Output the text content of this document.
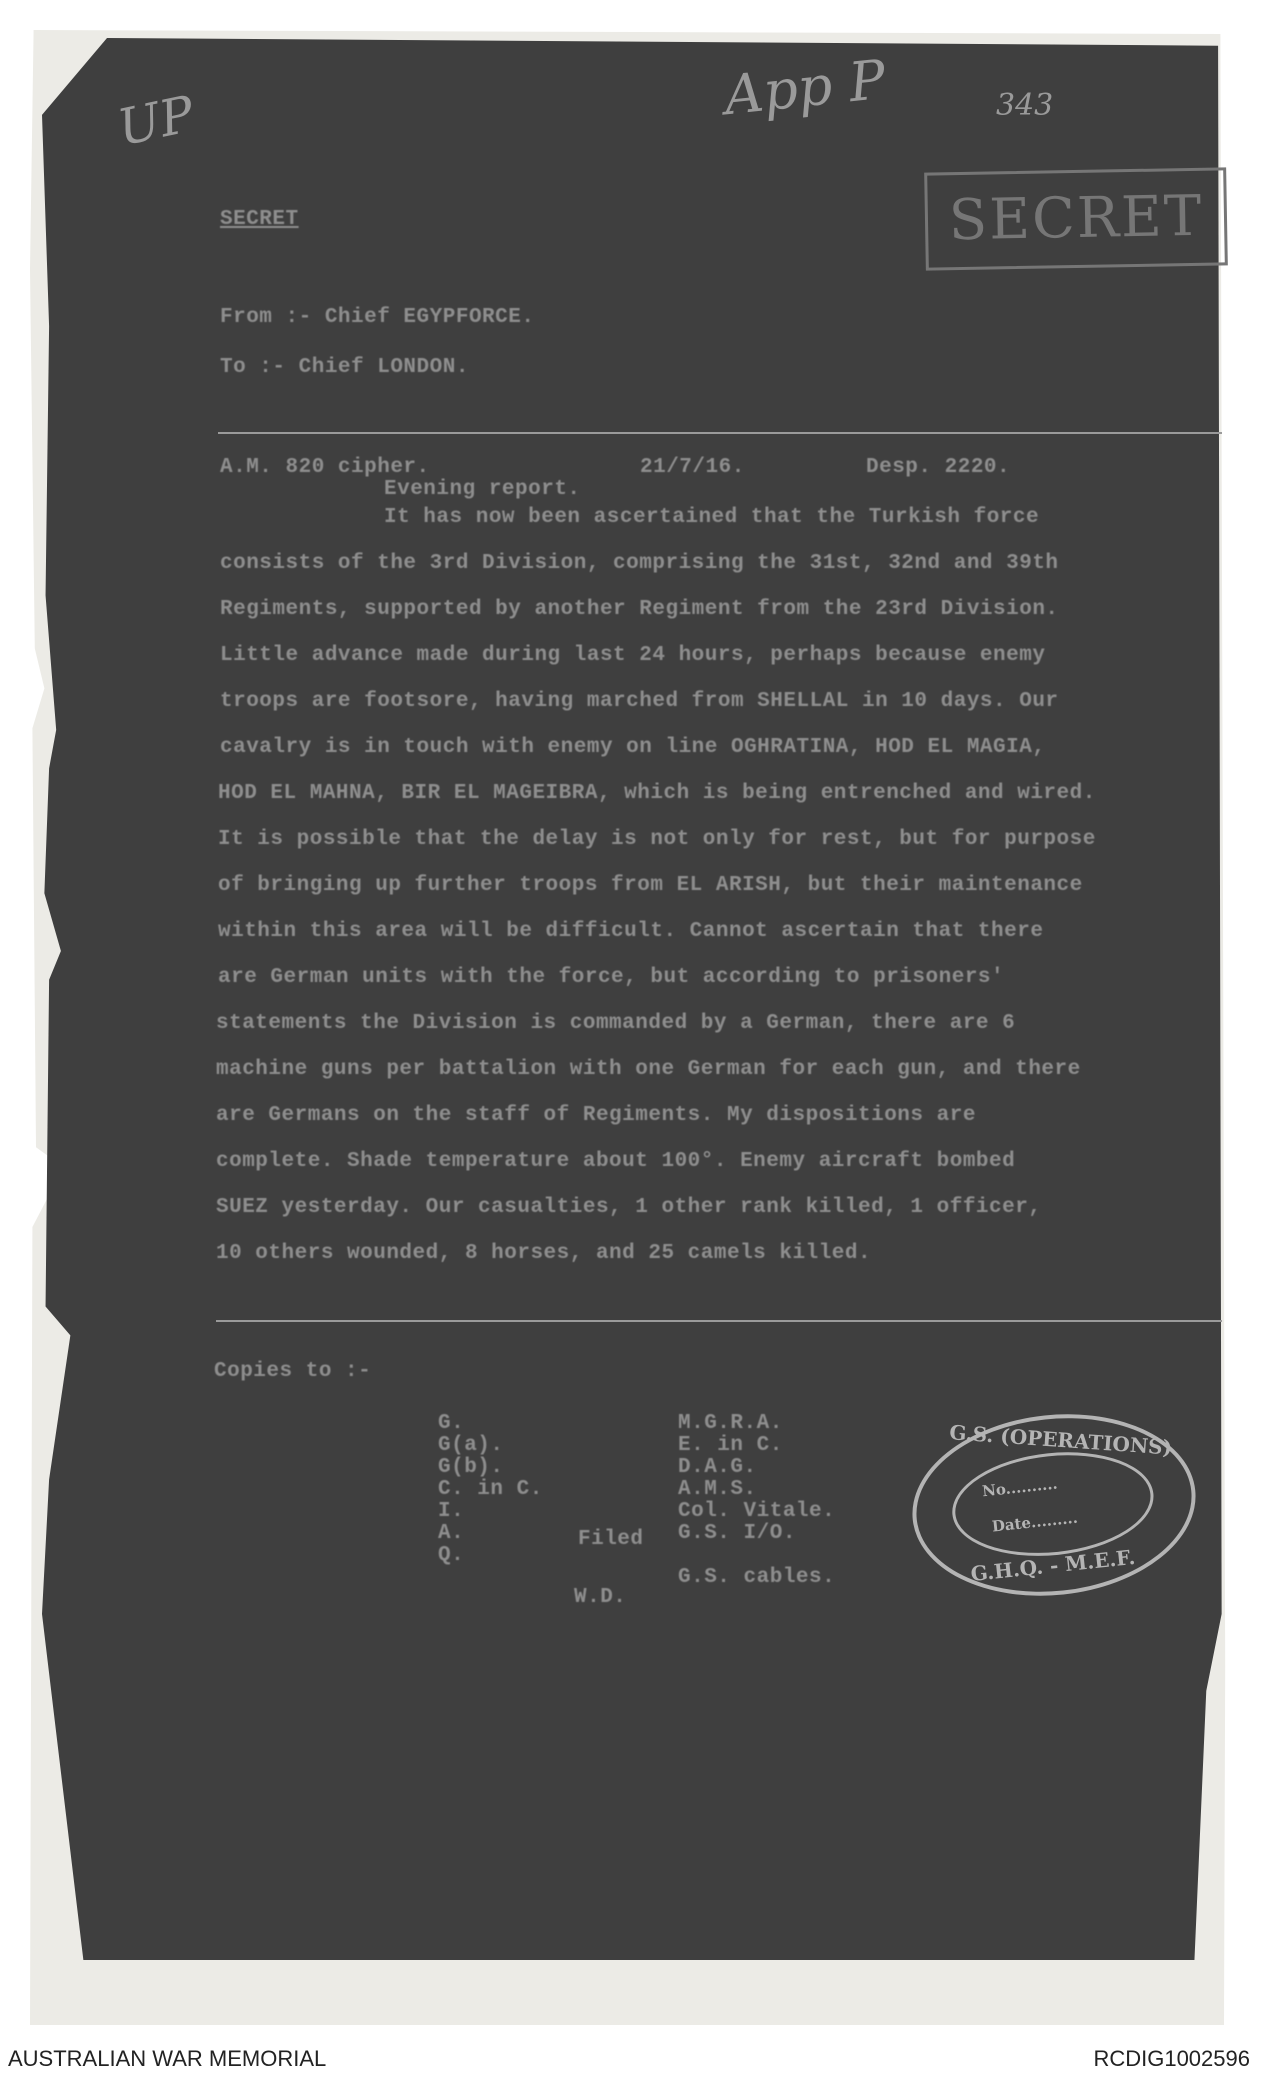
UP	App P	343
SECRET
SECRET
From :- Chief EGYPFORCE.
To :- Chief LONDON.
A.M. 820 cipher.	21/7/16.	Desp. 2220.
Evening report.
It has now been ascertained that the Turkish force
consists of the 3rd Division, comprising the 31st, 32nd and 39th
Regiments, supported by another Regiment from the 23rd Division.
Little advance made during last 24 hours, perhaps because enemy
troops are footsore, having marched from SHELLAL in 10 days. Our
cavalry is in touch with enemy on line OGHRATINA, HOD EL MAGIA,
HOD EL MAHNA, BIR EL MAGEIBRA, which is being entrenched and wired.
It is possible that the delay is not only for rest, but for purpose
of bringing up further troops from EL ARISH, but their maintenance
within this area will be difficult. Cannot ascertain that there
are German units with the force, but according to prisoners'
statements the Division is commanded by a German, there are 6
machine guns per battalion with one German for each gun, and there
are Germans on the staff of Regiments. My dispositions are
complete. Shade temperature about 100°. Enemy aircraft bombed
SUEZ yesterday. Our casualties, 1 other rank killed, 1 officer,
10 others wounded, 8 horses, and 25 camels killed.
Copies to :-
G.
G(a).
G(b).
C. in C.
I.
A.
Q.
Filed
W.D.
M.G.R.A.
E. in C.
D.A.G.
A.M.S.
Col. Vitale.
G.S. I/O.
G.S. cables.
G.S. (OPERATIONS)
No..........
Date.........
G.H.Q. - M.E.F.
AUSTRALIAN WAR MEMORIAL	RCDIG1002596
